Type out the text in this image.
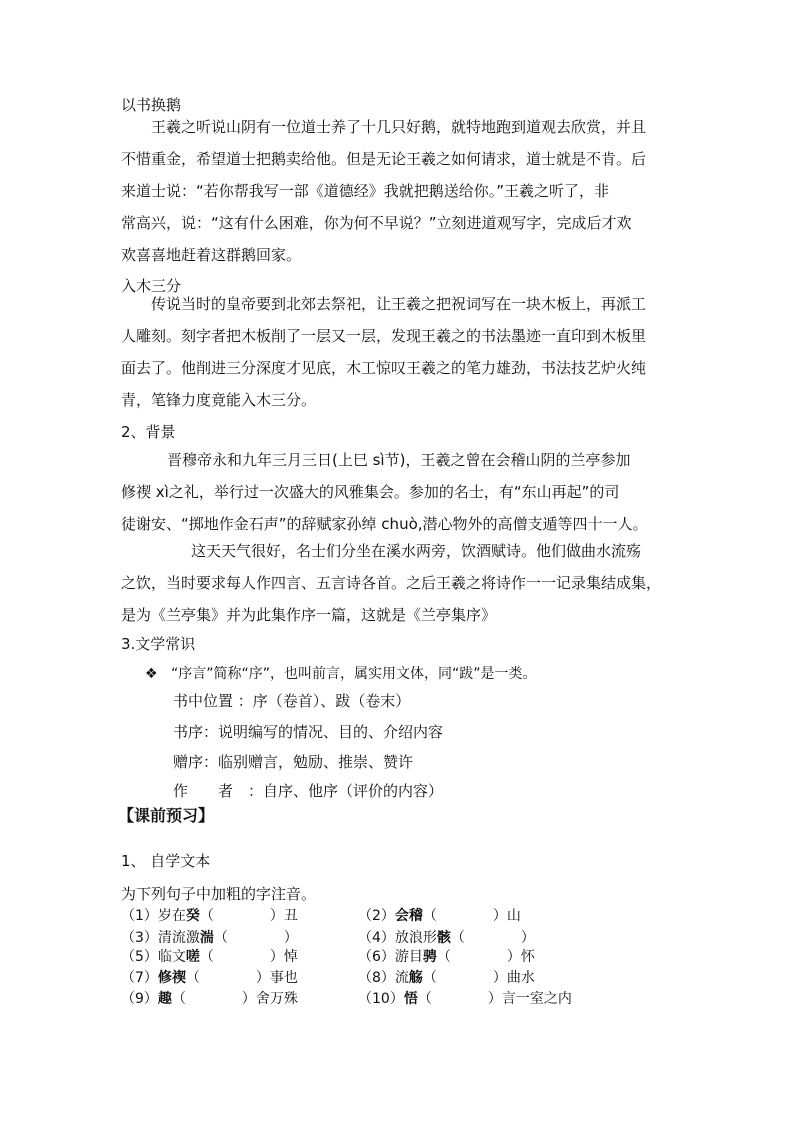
以书换鹅

王羲之听说山阴有一位道士养了十几只好鹅，就特地跑到道观去欣赏，并且
不惜重金，希望道士把鹅卖给他。但是无论王羲之如何请求，道士就是不肯。后
来道士说：“若你帮我写一部《道德经》我就把鹅送给你。”王羲之听了，非
常高兴，说：“这有什么困难，你为何不早说？”立刻进道观写字，完成后才欢
欢喜喜地赶着这群鹅回家。

入木三分

传说当时的皇帝要到北郊去祭祀，让王羲之把祝词写在一块木板上，再派工
人雕刻。刻字者把木板削了一层又一层，发现王羲之的书法墨迹一直印到木板里
面去了。他削进三分深度才见底，木工惊叹王羲之的笔力雄劲，书法技艺炉火纯
青，笔锋力度竟能入木三分。

2、背景

晋穆帝永和九年三月三日(上巳 sì节)，王羲之曾在会稽山阴的兰亭参加
修禊 xì之礼，举行过一次盛大的风雅集会。参加的名士，有“东山再起”的司
徒谢安、“掷地作金石声”的辞赋家孙绰 chuò,潜心物外的高僧支遁等四十一人。

这天天气很好，名士们分坐在溪水两旁，饮酒赋诗。他们做曲水流殇
之饮，当时要求每人作四言、五言诗各首。之后王羲之将诗作一一记录集结成集，
是为《兰亭集》并为此集作序一篇，这就是《兰亭集序》

3.文学常识
❖ “序言”简称“序”，也叫前言，属实用文体，同“跋”是一类。
书中位置 ：序（卷首）、跋（卷末）
书序：说明编写的情况、目的、介绍内容
赠序：临别赠言，勉励、推崇、赞许
作　　者　：自序、他序（评价的内容）
【课前预习】
1、 自学文本
为下列句子中加粗的字注音。
（1）岁在癸（　　　　）丑	（2）会稽（　　　　）山
（3）清流激湍（　　　　）	（4）放浪形骸（　　　　）
（5）临文嗟（　　　　）悼	（6）游目骋（　　　　）怀
（7）修禊（　　　　）事也	（8）流觞（　　　　）曲水
（9）趣（　　　　）舍万殊	（10）悟（　　　　）言一室之内
